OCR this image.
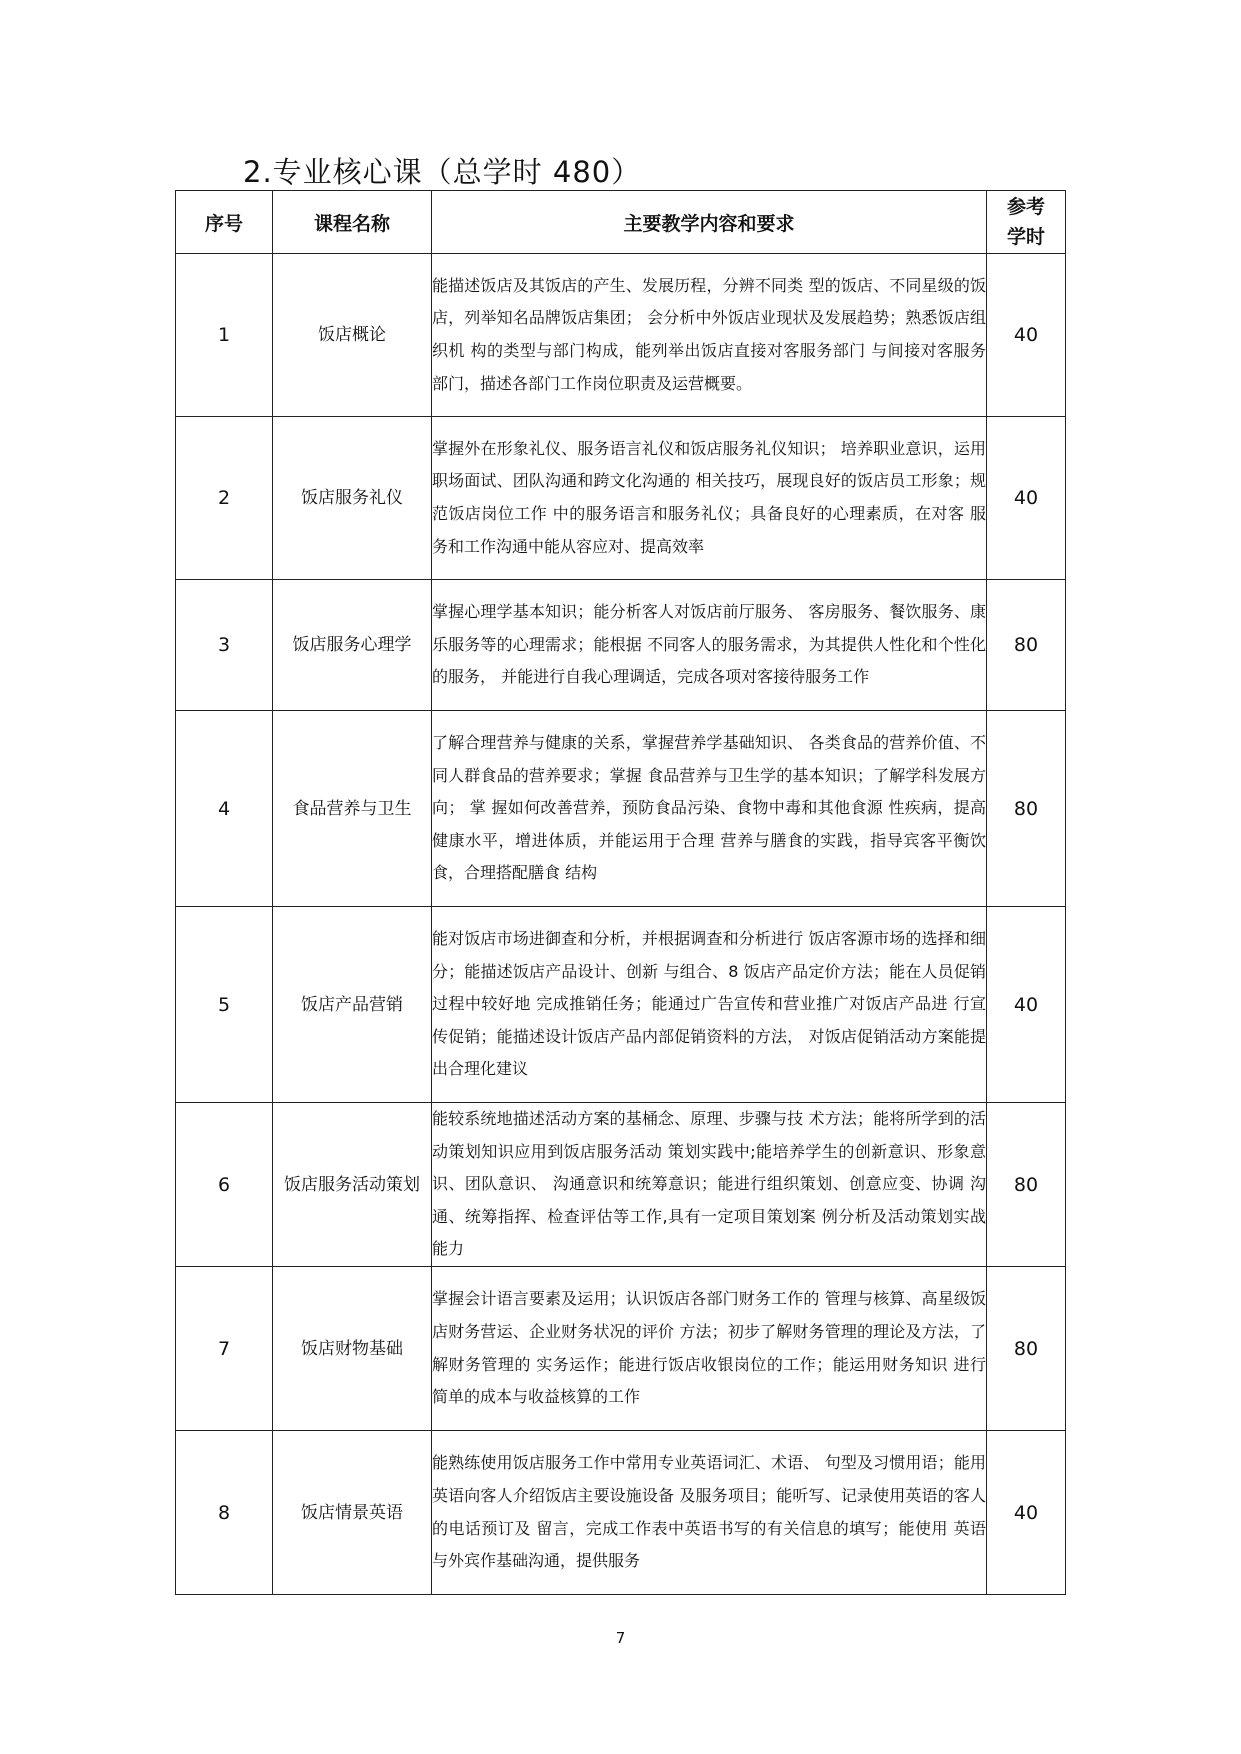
2.专业核心课（总学时 480）
序号	课程名称	主要教学内容和要求	参考
学时
1	饭店概论	能描述饭店及其饭店的产生、发展历程，分辨不同类 型的饭店、不同星级的饭店，列举知名品牌饭店集团； 会分析中外饭店业现状及发展趋势；熟悉饭店组织机 构的类型与部门构成，能列举出饭店直接对客服务部门 与间接对客服务部门，描述各部门工作岗位职责及运营概要。	40
2	饭店服务礼仪	掌握外在形象礼仪、服务语言礼仪和饭店服务礼仪知识； 培养职业意识，运用职场面试、团队沟通和跨文化沟通的 相关技巧，展现良好的饭店员工形象；规范饭店岗位工作 中的服务语言和服务礼仪；具备良好的心理素质，在对客 服务和工作沟通中能从容应对、提高效率	40
3	饭店服务心理学	掌握心理学基本知识；能分析客人对饭店前厅服务、 客房服务、餐饮服务、康乐服务等的心理需求；能根据 不同客人的服务需求，为其提供人性化和个性化的服务， 并能进行自我心理调适，完成各项对客接待服务工作	80
4	食品营养与卫生	了解合理营养与健康的关系，掌握营养学基础知识、 各类食品的营养价值、不同人群食品的营养要求；掌握 食品营养与卫生学的基本知识；了解学科发展方向； 掌 握如何改善营养，预防食品污染、食物中毒和其他食源 性疾病，提高健康水平，增进体质，并能运用于合理 营养与膳食的实践，指导宾客平衡饮食，合理搭配膳食 结构	80
5	饭店产品营销	能对饭店市场进御查和分析，并根据调查和分析进行 饭店客源市场的选择和细分；能描述饭店产品设计、创新 与组合、8 饭店产品定价方法；能在人员促销过程中较好地 完成推销任务；能通过广告宣传和营业推广对饭店产品进 行宣传促销；能描述设计饭店产品内部促销资料的方法， 对饭店促销活动方案能提出合理化建议	40
6	饭店服务活动策划	能较系统地描述活动方案的基桶念、原理、步骤与技 术方法；能将所学到的活动策划知识应用到饭店服务活动 策划实践中;能培养学生的创新意识、形象意识、团队意识、 沟通意识和统筹意识；能进行组织策划、创意应变、协调 沟通、统筹指挥、检查评估等工作,具有一定项目策划案 例分析及活动策划实战能力	80
7	饭店财物基础	掌握会计语言要素及运用；认识饭店各部门财务工作的 管理与核算、高星级饭店财务营运、企业财务状况的评价 方法；初步了解财务管理的理论及方法，了解财务管理的 实务运作；能进行饭店收银岗位的工作；能运用财务知识 进行简单的成本与收益核算的工作	80
8	饭店情景英语	能熟练使用饭店服务工作中常用专业英语词汇、术语、 句型及习惯用语；能用英语向客人介绍饭店主要设施设备 及服务项目；能听写、记录使用英语的客人的电话预订及 留言，完成工作表中英语书写的有关信息的填写；能使用 英语与外宾作基础沟通，提供服务	40
7
